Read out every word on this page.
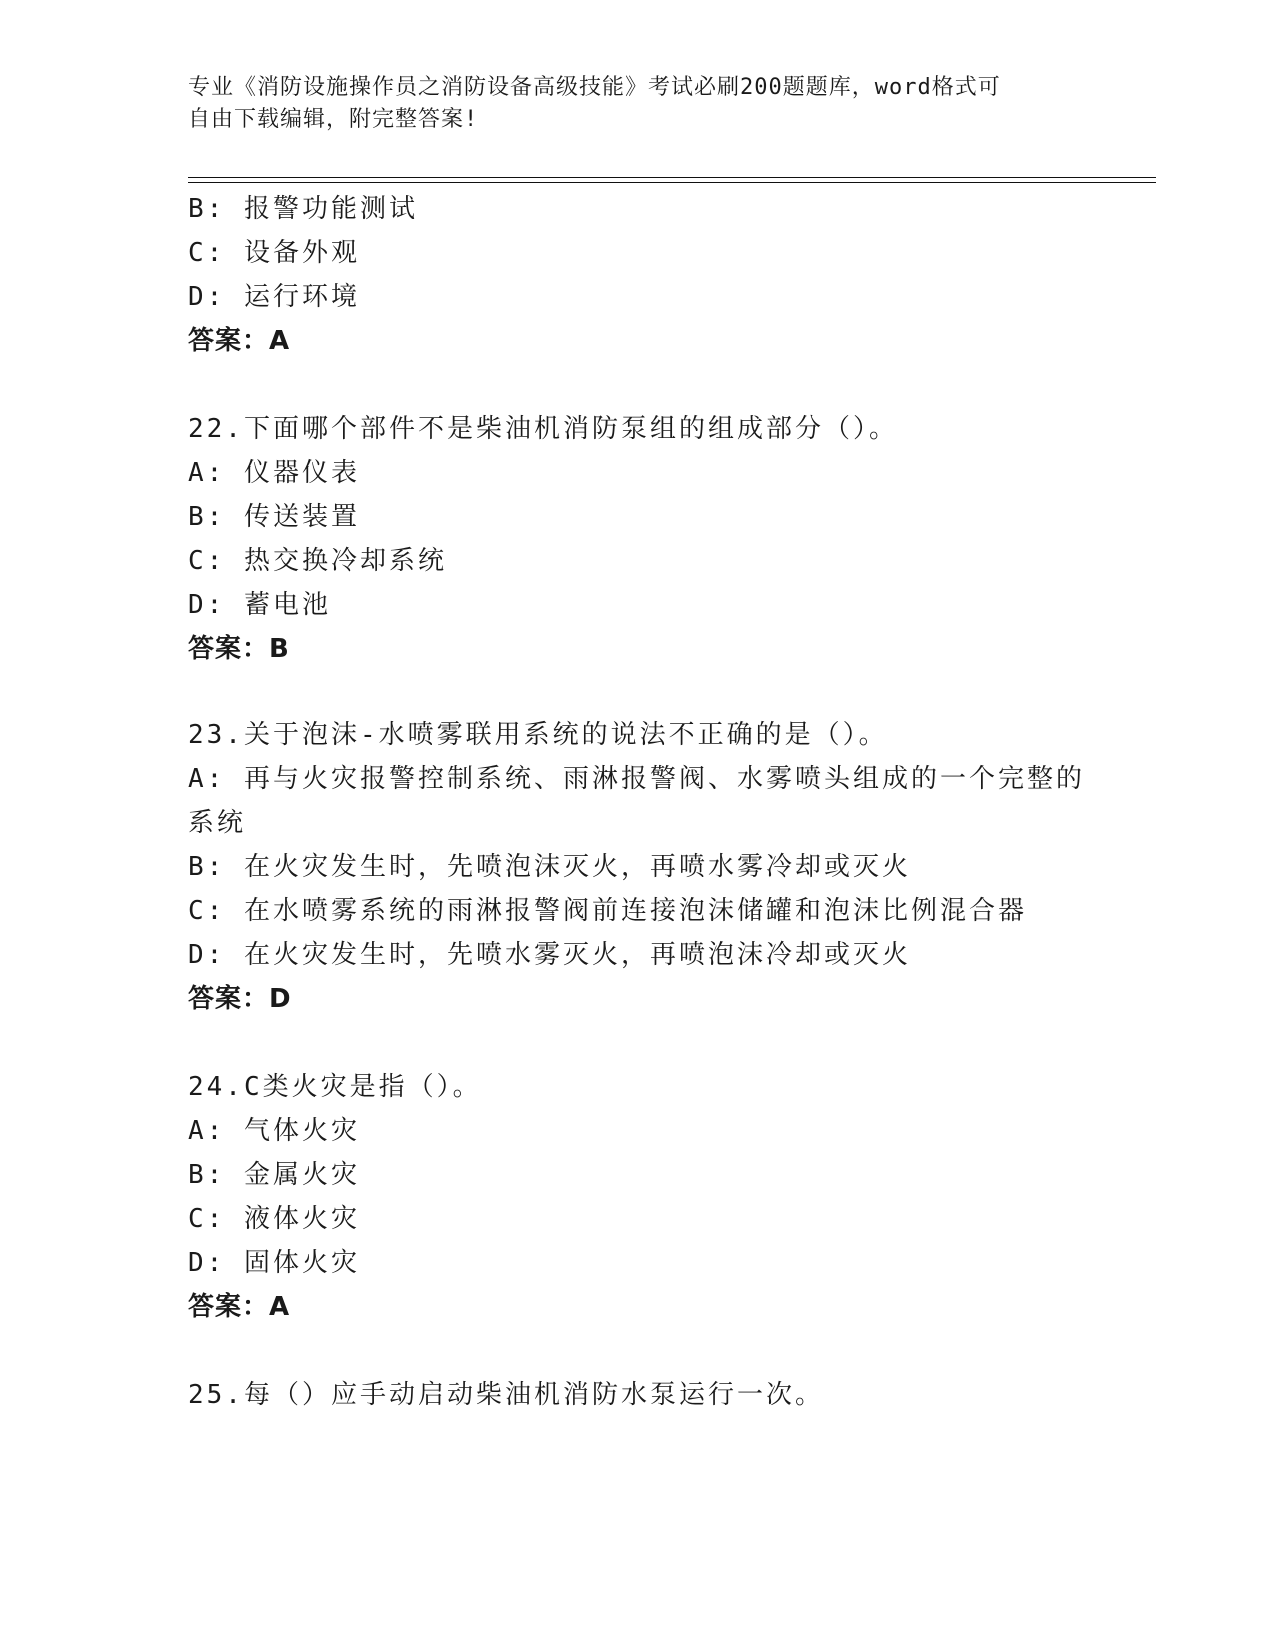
专业《消防设施操作员之消防设备高级技能》考试必刷200题题库，word格式可
自由下载编辑，附完整答案!
B: 报警功能测试
C: 设备外观
D: 运行环境
答案：A
22.下面哪个部件不是柴油机消防泵组的组成部分（）。
A: 仪器仪表
B: 传送装置
C: 热交换冷却系统
D: 蓄电池
答案：B
23.关于泡沫-水喷雾联用系统的说法不正确的是（）。
A: 再与火灾报警控制系统、雨淋报警阀、水雾喷头组成的一个完整的
系统
B: 在火灾发生时，先喷泡沫灭火，再喷水雾冷却或灭火
C: 在水喷雾系统的雨淋报警阀前连接泡沫储罐和泡沫比例混合器
D: 在火灾发生时，先喷水雾灭火，再喷泡沫冷却或灭火
答案：D
24.C类火灾是指（）。
A: 气体火灾
B: 金属火灾
C: 液体火灾
D: 固体火灾
答案：A
25.每（）应手动启动柴油机消防水泵运行一次。
